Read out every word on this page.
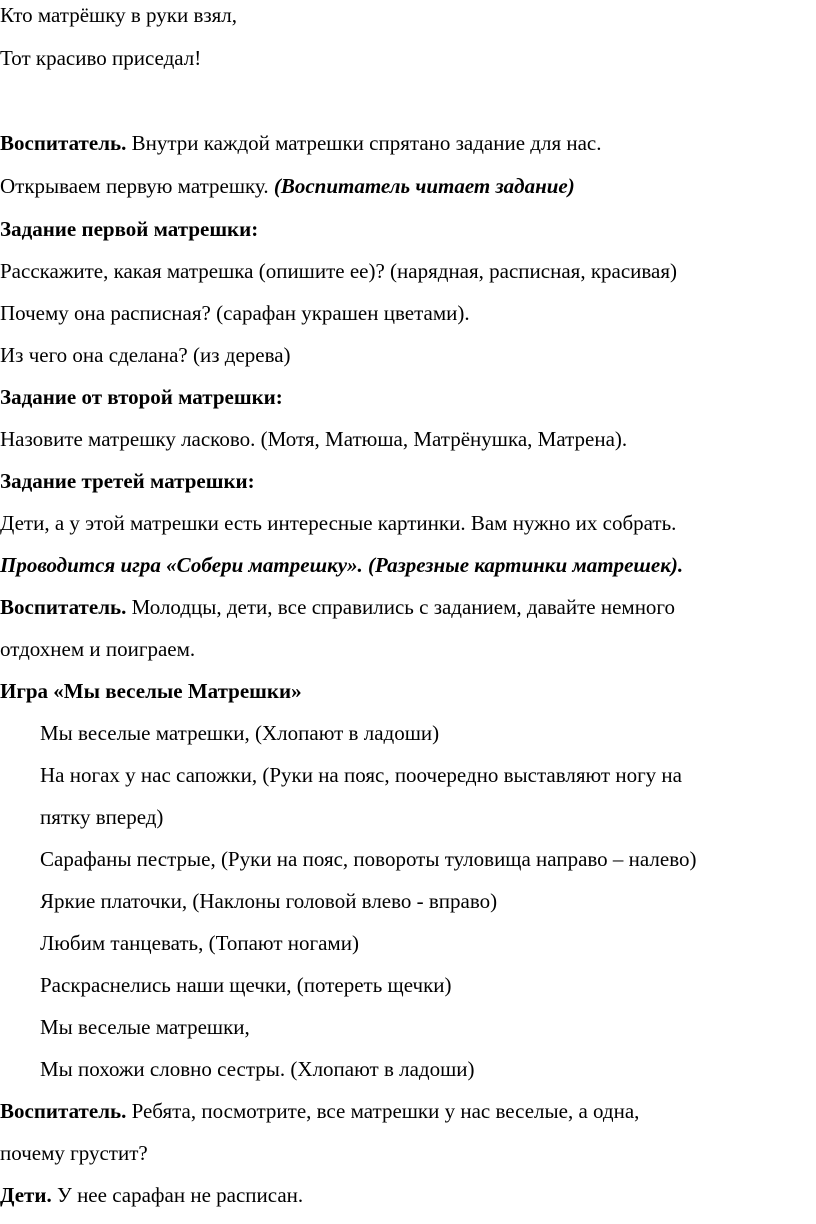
Кто матрёшку в руки взял,
Тот красиво приседал!
Воспитатель. Внутри каждой матрешки спрятано задание для нас.
Открываем первую матрешку. (Воспитатель читает задание)
Задание первой матрешки:
Расскажите, какая матрешка (опишите ее)? (нарядная, расписная, красивая)
Почему она расписная? (сарафан украшен цветами).
Из чего она сделана? (из дерева)
Задание от второй матрешки:
Назовите матрешку ласково. (Мотя, Матюша, Матрёнушка, Матрена).
Задание третей матрешки:
Дети, а у этой матрешки есть интересные картинки. Вам нужно их собрать.
Проводится игра «Собери матрешку». (Разрезные картинки матрешек).
Воспитатель. Молодцы, дети, все справились с заданием, давайте немного
отдохнем и поиграем.
Игра «Мы веселые Матрешки»
Мы веселые матрешки, (Хлопают в ладоши)
На ногах у нас сапожки, (Руки на пояс, поочередно выставляют ногу на
пятку вперед)
Сарафаны пестрые, (Руки на пояс, повороты туловища направо – налево)
Яркие платочки, (Наклоны головой влево - вправо)
Любим танцевать, (Топают ногами)
Раскраснелись наши щечки, (потереть щечки)
Мы веселые матрешки,
Мы похожи словно сестры. (Хлопают в ладоши)
Воспитатель. Ребята, посмотрите, все матрешки у нас веселые, а одна,
почему грустит?
Дети. У нее сарафан не расписан.
